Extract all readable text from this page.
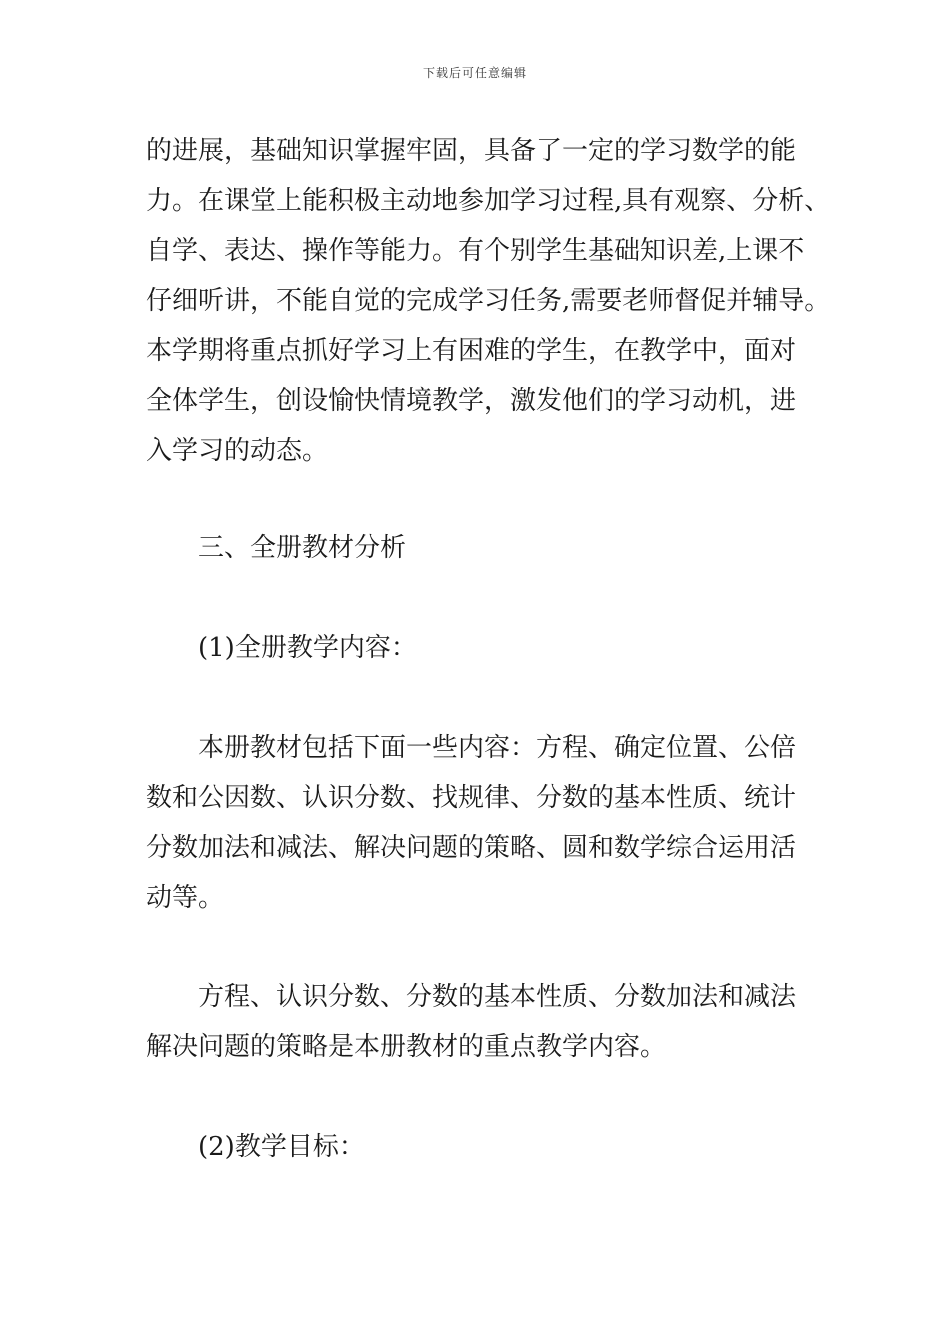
下载后可任意编辑
的进展，基础知识掌握牢固，具备了一定的学习数学的能
力。在课堂上能积极主动地参加学习过程,具有观察、分析、
自学、表达、操作等能力。有个别学生基础知识差,上课不
仔细听讲，不能自觉的完成学习任务,需要老师督促并辅导。
本学期将重点抓好学习上有困难的学生，在教学中，面对
全体学生，创设愉快情境教学，激发他们的学习动机，进
入学习的动态。
三、全册教材分析
(1)全册教学内容：
本册教材包括下面一些内容：方程、确定位置、公倍
数和公因数、认识分数、找规律、分数的基本性质、统计
分数加法和减法、解决问题的策略、圆和数学综合运用活
动等。
方程、认识分数、分数的基本性质、分数加法和减法
解决问题的策略是本册教材的重点教学内容。
(2)教学目标：
